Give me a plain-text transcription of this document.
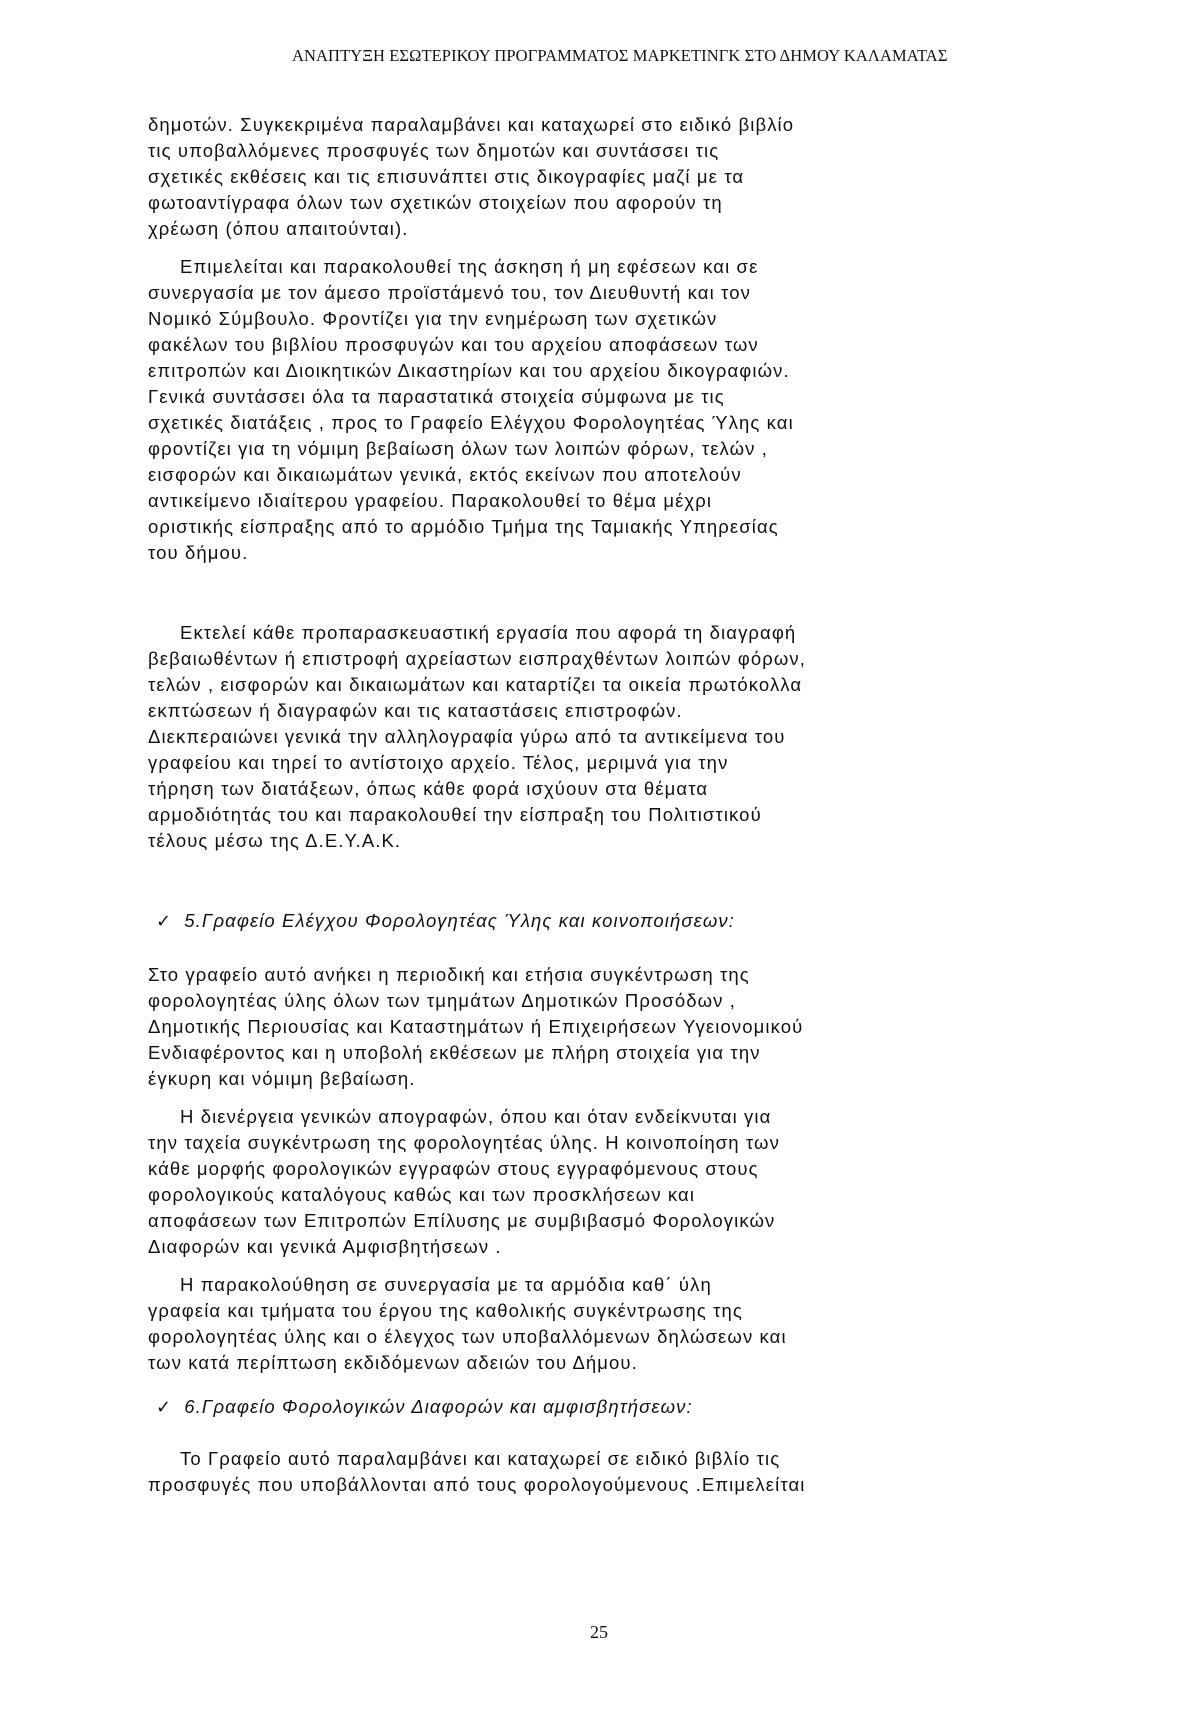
ΑΝΑΠΤΥΞΗ ΕΣΩΤΕΡΙΚΟΥ ΠΡΟΓΡΑΜΜΑΤΟΣ ΜΑΡΚΕΤΙΝΓΚ ΣΤΟ ΔΗΜΟΥ ΚΑΛΑΜΑΤΑΣ
δημοτών. Συγκεκριμένα παραλαμβάνει και καταχωρεί στο ειδικό βιβλίο
τις υποβαλλόμενες προσφυγές των δημοτών και συντάσσει τις
σχετικές εκθέσεις και τις επισυνάπτει στις δικογραφίες μαζί με τα
φωτοαντίγραφα όλων των σχετικών στοιχείων που αφορούν τη
χρέωση (όπου απαιτούνται).
Επιμελείται και παρακολουθεί της άσκηση ή μη εφέσεων και σε
συνεργασία με τον άμεσο προϊστάμενό του, τον Διευθυντή και τον
Νομικό Σύμβουλο. Φροντίζει για την ενημέρωση των σχετικών
φακέλων του βιβλίου προσφυγών και του αρχείου αποφάσεων των
επιτροπών και Διοικητικών Δικαστηρίων και του αρχείου δικογραφιών.
Γενικά συντάσσει όλα τα παραστατικά στοιχεία σύμφωνα με τις
σχετικές διατάξεις , προς το Γραφείο Ελέγχου Φορολογητέας Ύλης και
φροντίζει για τη νόμιμη βεβαίωση όλων των λοιπών φόρων, τελών ,
εισφορών και δικαιωμάτων γενικά, εκτός εκείνων που αποτελούν
αντικείμενο ιδιαίτερου γραφείου. Παρακολουθεί το θέμα μέχρι
οριστικής είσπραξης από το αρμόδιο Τμήμα της Ταμιακής Υπηρεσίας
του δήμου.
Εκτελεί κάθε προπαρασκευαστική εργασία που αφορά τη διαγραφή
βεβαιωθέντων ή επιστροφή αχρείαστων εισπραχθέντων λοιπών φόρων,
τελών , εισφορών και δικαιωμάτων και καταρτίζει τα οικεία πρωτόκολλα
εκπτώσεων ή διαγραφών και τις καταστάσεις επιστροφών.
Διεκπεραιώνει γενικά την αλληλογραφία γύρω από τα αντικείμενα του
γραφείου και τηρεί το αντίστοιχο αρχείο. Τέλος, μεριμνά για την
τήρηση των διατάξεων, όπως κάθε φορά ισχύουν στα θέματα
αρμοδιότητάς του και παρακολουθεί την είσπραξη του Πολιτιστικού
τέλους μέσω της Δ.Ε.Υ.Α.Κ.
✓ 5.Γραφείο Ελέγχου Φορολογητέας Ύλης και κοινοποιήσεων:
Στο γραφείο αυτό ανήκει η περιοδική και ετήσια συγκέντρωση της
φορολογητέας ύλης όλων των τμημάτων Δημοτικών Προσόδων ,
Δημοτικής Περιουσίας και Καταστημάτων ή Επιχειρήσεων Υγειονομικού
Ενδιαφέροντος και η υποβολή εκθέσεων με πλήρη στοιχεία για την
έγκυρη και νόμιμη βεβαίωση.
Η διενέργεια γενικών απογραφών, όπου και όταν ενδείκνυται για
την ταχεία συγκέντρωση της φορολογητέας ύλης. Η κοινοποίηση των
κάθε μορφής φορολογικών εγγραφών στους εγγραφόμενους στους
φορολογικούς καταλόγους καθώς και των προσκλήσεων και
αποφάσεων των Επιτροπών Επίλυσης με συμβιβασμό Φορολογικών
Διαφορών και γενικά Αμφισβητήσεων .
Η παρακολούθηση σε συνεργασία με τα αρμόδια καθ΄ ύλη
γραφεία και τμήματα του έργου της καθολικής συγκέντρωσης της
φορολογητέας ύλης και ο έλεγχος των υποβαλλόμενων δηλώσεων και
των κατά περίπτωση εκδιδόμενων αδειών του Δήμου.
✓ 6.Γραφείο Φορολογικών Διαφορών και αμφισβητήσεων:
Το Γραφείο αυτό παραλαμβάνει και καταχωρεί σε ειδικό βιβλίο τις
προσφυγές που υποβάλλονται από τους φορολογούμενους .Επιμελείται
25
